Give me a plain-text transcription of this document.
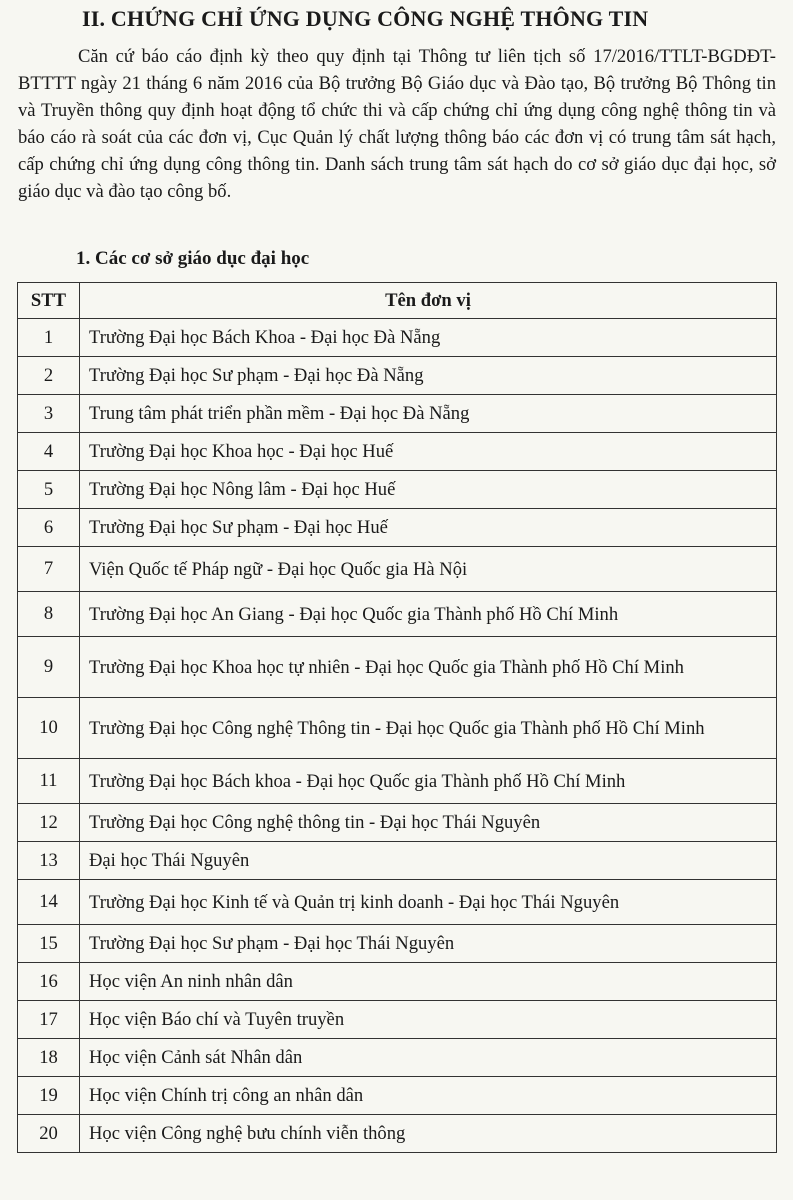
II. CHỨNG CHỈ ỨNG DỤNG CÔNG NGHỆ THÔNG TIN
Căn cứ báo cáo định kỳ theo quy định tại Thông tư liên tịch số 17/2016/TTLT-BGDĐT-BTTTT ngày 21 tháng 6 năm 2016 của Bộ trưởng Bộ Giáo dục và Đào tạo, Bộ trưởng Bộ Thông tin và Truyền thông quy định hoạt động tổ chức thi và cấp chứng chỉ ứng dụng công nghệ thông tin và báo cáo rà soát của các đơn vị, Cục Quản lý chất lượng thông báo các đơn vị có trung tâm sát hạch, cấp chứng chỉ ứng dụng công thông tin. Danh sách trung tâm sát hạch do cơ sở giáo dục đại học, sở giáo dục và đào tạo công bố.
1. Các cơ sở giáo dục đại học
STT	Tên đơn vị
1	Trường Đại học Bách Khoa - Đại học Đà Nẵng
2	Trường Đại học Sư phạm - Đại học Đà Nẵng
3	Trung tâm phát triển phần mềm - Đại học Đà Nẵng
4	Trường Đại học Khoa học - Đại học Huế
5	Trường Đại học Nông lâm - Đại học Huế
6	Trường Đại học Sư phạm - Đại học Huế
7	Viện Quốc tế Pháp ngữ - Đại học Quốc gia Hà Nội
8	Trường Đại học An Giang - Đại học Quốc gia Thành phố Hồ Chí Minh
9	Trường Đại học Khoa học tự nhiên - Đại học Quốc gia Thành phố Hồ Chí Minh
10	Trường Đại học Công nghệ Thông tin - Đại học Quốc gia Thành phố Hồ Chí Minh
11	Trường Đại học Bách khoa - Đại học Quốc gia Thành phố Hồ Chí Minh
12	Trường Đại học Công nghệ thông tin - Đại học Thái Nguyên
13	Đại học Thái Nguyên
14	Trường Đại học Kinh tế và Quản trị kinh doanh - Đại học Thái Nguyên
15	Trường Đại học Sư phạm - Đại học Thái Nguyên
16	Học viện An ninh nhân dân
17	Học viện Báo chí và Tuyên truyền
18	Học viện Cảnh sát Nhân dân
19	Học viện Chính trị công an nhân dân
20	Học viện Công nghệ bưu chính viễn thông
